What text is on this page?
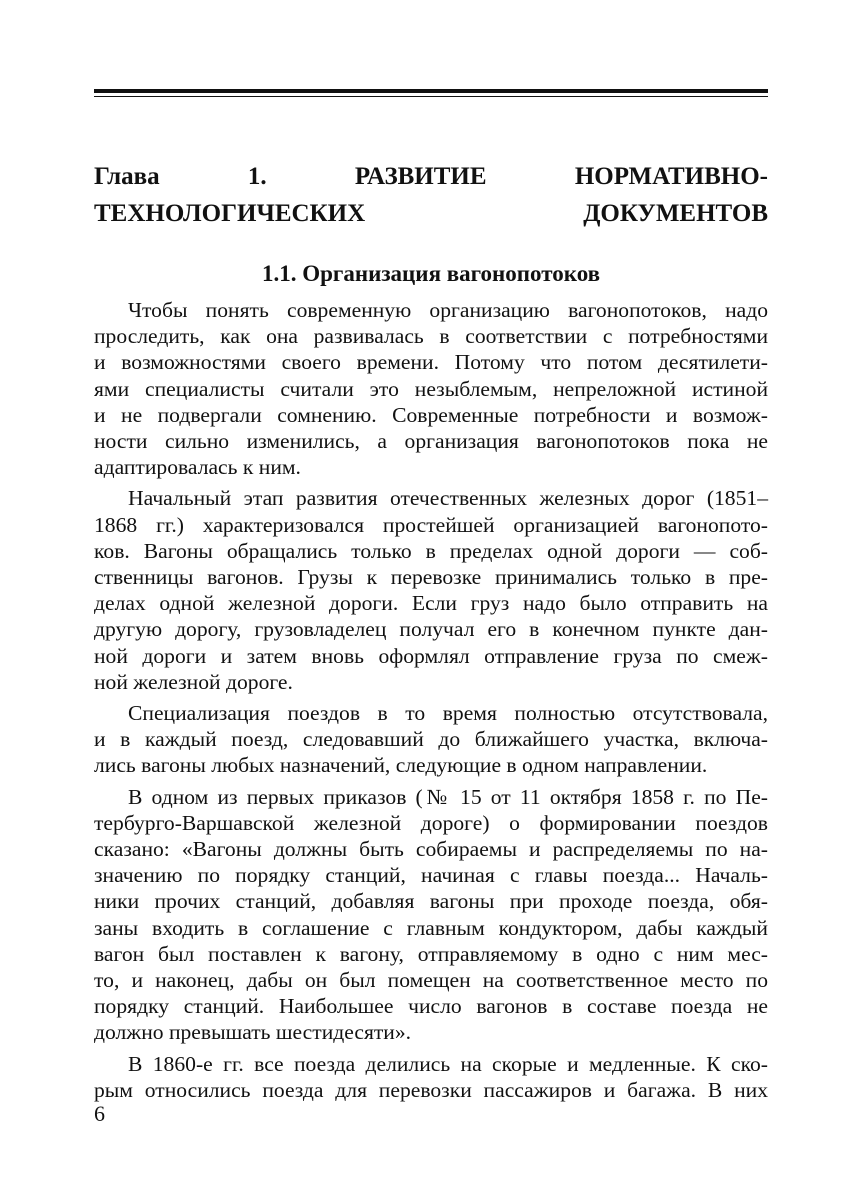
Глава 1. РАЗВИТИЕ НОРМАТИВНО-
ТЕХНОЛОГИЧЕСКИХ ДОКУМЕНТОВ
1.1. Организация вагонопотоков

Чтобы понять современную организацию вагонопотоков, надо
проследить, как она развивалась в соответствии с потребностями
и возможностями своего времени. Потому что потом десятилети-
ями специалисты считали это незыблемым, непреложной истиной
и не подвергали сомнению. Современные потребности и возмож-
ности сильно изменились, а организация вагонопотоков пока не
адаптировалась к ним.

Начальный этап развития отечественных железных дорог (1851–
1868 гг.) характеризовался простейшей организацией вагонопото-
ков. Вагоны обращались только в пределах одной дороги — соб-
ственницы вагонов. Грузы к перевозке принимались только в пре-
делах одной железной дороги. Если груз надо было отправить на
другую дорогу, грузовладелец получал его в конечном пункте дан-
ной дороги и затем вновь оформлял отправление груза по смеж-
ной железной дороге.

Специализация поездов в то время полностью отсутствовала,
и в каждый поезд, следовавший до ближайшего участка, включа-
лись вагоны любых назначений, следующие в одном направлении.

В одном из первых приказов (№ 15 от 11 октября 1858 г. по Пе-
тербурго-Варшавской железной дороге) о формировании поездов
сказано: «Вагоны должны быть собираемы и распределяемы по на-
значению по порядку станций, начиная с главы поезда... Началь-
ники прочих станций, добавляя вагоны при проходе поезда, обя-
заны входить в соглашение с главным кондуктором, дабы каждый
вагон был поставлен к вагону, отправляемому в одно с ним мес-
то, и наконец, дабы он был помещен на соответственное место по
порядку станций. Наибольшее число вагонов в составе поезда не
должно превышать шестидесяти».

В 1860-е гг. все поезда делились на скорые и медленные. К ско-
рым относились поезда для перевозки пассажиров и багажа. В них

6
